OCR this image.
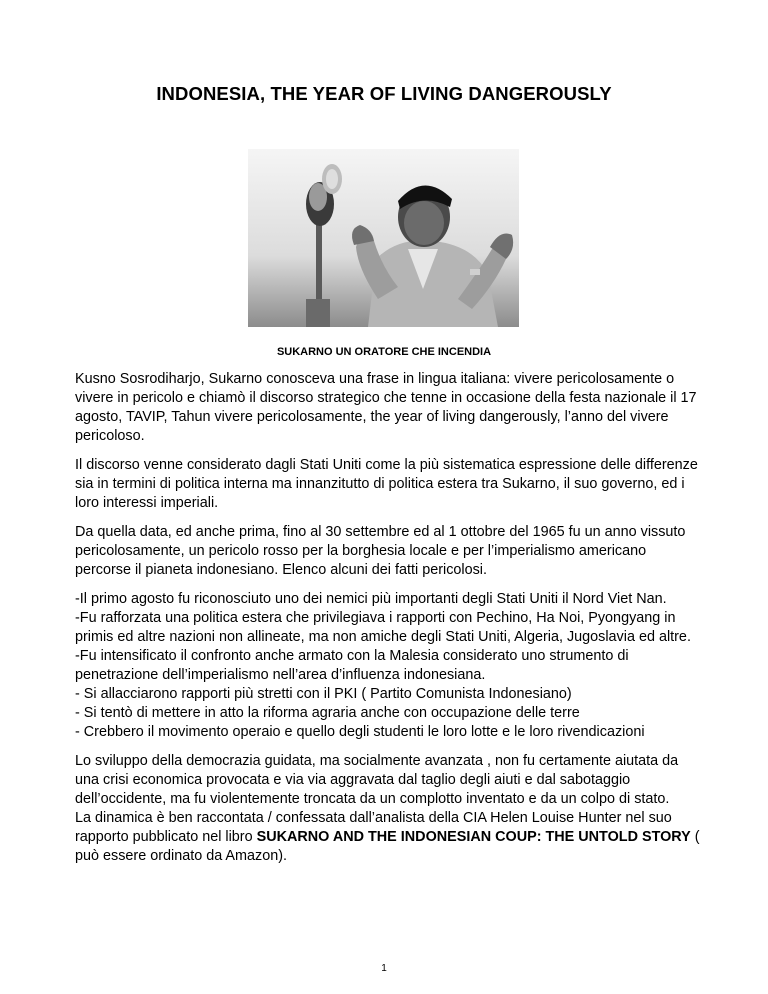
INDONESIA, THE YEAR OF LIVING DANGEROUSLY

SUKARNO UN ORATORE CHE INCENDIA

Kusno Sosrodiharjo, Sukarno conosceva una frase in lingua italiana: vivere pericolosamente o vivere in pericolo e chiamò il discorso strategico che tenne in occasione della festa nazionale il 17 agosto, TAVIP, Tahun vivere pericolosamente, the year of living dangerously, l’anno del vivere pericoloso.

Il discorso venne considerato dagli Stati Uniti come la più sistematica espressione delle differenze sia in termini di politica interna ma innanzitutto di politica estera tra Sukarno, il suo governo, ed i loro interessi imperiali.

Da quella data, ed anche prima, fino al 30 settembre ed al 1 ottobre del 1965 fu un anno vissuto pericolosamente, un pericolo rosso per la borghesia locale e per l’imperialismo americano percorse il pianeta indonesiano. Elenco alcuni dei fatti pericolosi.

-Il primo agosto fu riconosciuto uno dei nemici più importanti degli Stati Uniti il Nord Viet Nan.
-Fu rafforzata una politica estera che privilegiava i rapporti con Pechino, Ha Noi, Pyongyang in primis ed altre nazioni non allineate, ma non amiche degli Stati Uniti, Algeria, Jugoslavia ed altre.
-Fu intensificato il confronto anche armato con la Malesia considerato uno strumento di penetrazione dell’imperialismo nell’area d’influenza indonesiana.
- Si allacciarono rapporti più stretti con il PKI ( Partito Comunista Indonesiano)
- Si tentò di mettere in atto la riforma agraria anche con occupazione delle terre
- Crebbero il movimento operaio e quello degli studenti le loro lotte e le loro rivendicazioni

Lo sviluppo della democrazia guidata, ma socialmente avanzata , non fu certamente aiutata da una crisi economica provocata e via via aggravata dal taglio degli aiuti e dal sabotaggio dell’occidente, ma fu violentemente troncata da un complotto inventato e da un colpo di stato.
La dinamica è ben raccontata / confessata dall’analista della CIA Helen Louise Hunter nel suo rapporto pubblicato nel libro SUKARNO AND THE INDONESIAN COUP: THE UNTOLD STORY ( può essere ordinato da Amazon).

1
